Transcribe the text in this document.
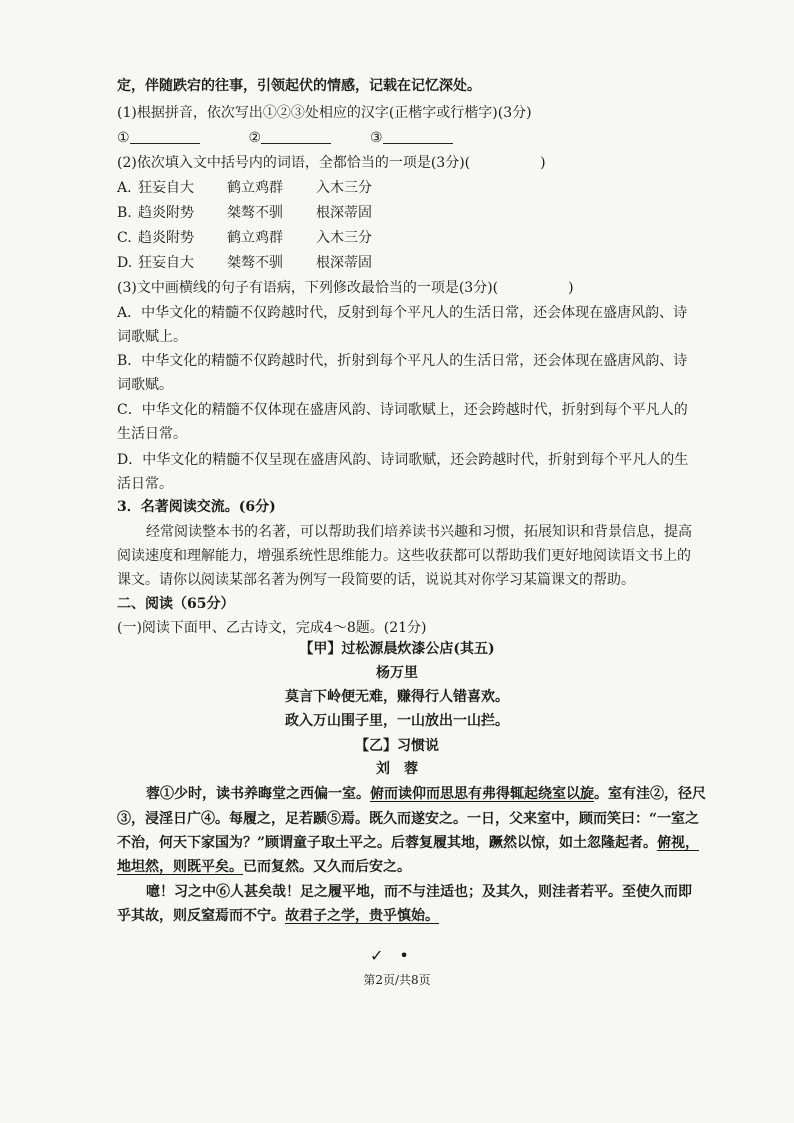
定，伴随跌宕的往事，引领起伏的情感，记载在记忆深处。
(1)根据拼音，依次写出①②③处相应的汉字(正楷字或行楷字)(3分)
①	②	③
(2)依次填入文中括号内的词语，全都恰当的一项是(3分)(　　　　　)
A. 狂妄自大 鹤立鸡群 入木三分
B. 趋炎附势 桀骜不驯 根深蒂固
C. 趋炎附势 鹤立鸡群 入木三分
D. 狂妄自大 桀骜不驯 根深蒂固
(3)文中画横线的句子有语病，下列修改最恰当的一项是(3分)(　　　　　)
A．中华文化的精髓不仅跨越时代，反射到每个平凡人的生活日常，还会体现在盛唐风韵、诗
词歌赋上。
B．中华文化的精髓不仅跨越时代，折射到每个平凡人的生活日常，还会体现在盛唐风韵、诗
词歌赋。
C．中华文化的精髓不仅体现在盛唐风韵、诗词歌赋上，还会跨越时代，折射到每个平凡人的
生活日常。
D．中华文化的精髓不仅呈现在盛唐风韵、诗词歌赋，还会跨越时代，折射到每个平凡人的生
活日常。
3．名著阅读交流。(6分)
经常阅读整本书的名著，可以帮助我们培养读书兴趣和习惯，拓展知识和背景信息，提高
阅读速度和理解能力，增强系统性思维能力。这些收获都可以帮助我们更好地阅读语文书上的
课文。请你以阅读某部名著为例写一段简要的话，说说其对你学习某篇课文的帮助。
二、阅读（65分）
(一)阅读下面甲、乙古诗文，完成4～8题。(21分)
【甲】过松源晨炊漆公店(其五)
杨万里
莫言下岭便无难，赚得行人错喜欢。
政入万山围子里，一山放出一山拦。
【乙】习惯说
刘　蓉
蓉①少时，读书养晦堂之西偏一室。俯而读仰而思思有弗得辄起绕室以旋。室有洼②，径尺
③，浸淫日广④。每履之，足若踬⑤焉。既久而遂安之。一日，父来室中，顾而笑曰：“一室之
不治，何天下家国为？”顾谓童子取土平之。后蓉复履其地，蹶然以惊，如土忽隆起者。俯视，
地坦然，则既平矣。已而复然。又久而后安之。
噫！习之中⑥人甚矣哉！足之履平地，而不与洼适也；及其久，则洼者若平。至使久而即
乎其故，则反窒焉而不宁。故君子之学，贵乎慎始。
✓　•
第2页/共8页
